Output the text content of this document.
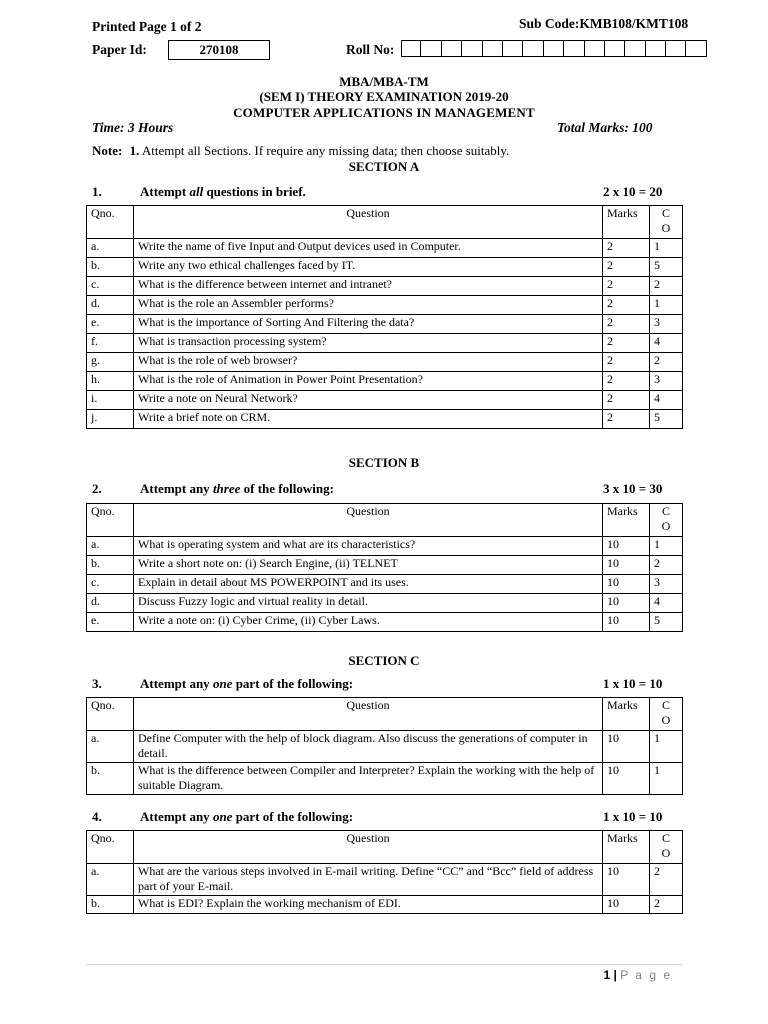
Printed Page 1 of 2	Sub Code:KMB108/KMT108
Paper Id:	270108	Roll No:
MBA/MBA-TM
(SEM I) THEORY EXAMINATION 2019-20
COMPUTER APPLICATIONS IN MANAGEMENT
Time: 3 Hours	Total Marks: 100
Note: 1. Attempt all Sections. If require any missing data; then choose suitably.
SECTION A
1.	Attempt all questions in brief.	2 x 10 = 20
Qno.	Question	Marks	C O
a.	Write the name of five Input and Output devices used in Computer.	2	1
b.	Write any two ethical challenges faced by IT.	2	5
c.	What is the difference between internet and intranet?	2	2
d.	What is the role an Assembler performs?	2	1
e.	What is the importance of Sorting And Filtering the data?	2	3
f.	What is transaction processing system?	2	4
g.	What is the role of web browser?	2	2
h.	What is the role of Animation in Power Point Presentation?	2	3
i.	Write a note on Neural Network?	2	4
j.	Write a brief note on CRM.	2	5
SECTION B
2.	Attempt any three of the following:	3 x 10 = 30
Qno.	Question	Marks	C O
a.	What is operating system and what are its characteristics?	10	1
b.	Write a short note on: (i) Search Engine, (ii) TELNET	10	2
c.	Explain in detail about MS POWERPOINT and its uses.	10	3
d.	Discuss Fuzzy logic and virtual reality in detail.	10	4
e.	Write a note on: (i) Cyber Crime, (ii) Cyber Laws.	10	5
SECTION C
3.	Attempt any one part of the following:	1 x 10 = 10
Qno.	Question	Marks	C O
a.	Define Computer with the help of block diagram. Also discuss the generations of computer in detail.	10	1
b.	What is the difference between Compiler and Interpreter? Explain the working with the help of suitable Diagram.	10	1
4.	Attempt any one part of the following:	1 x 10 = 10
Qno.	Question	Marks	C O
a.	What are the various steps involved in E-mail writing. Define “CC” and “Bcc” field of address part of your E-mail.	10	2
b.	What is EDI? Explain the working mechanism of EDI.	10	2
1 | P a g e
